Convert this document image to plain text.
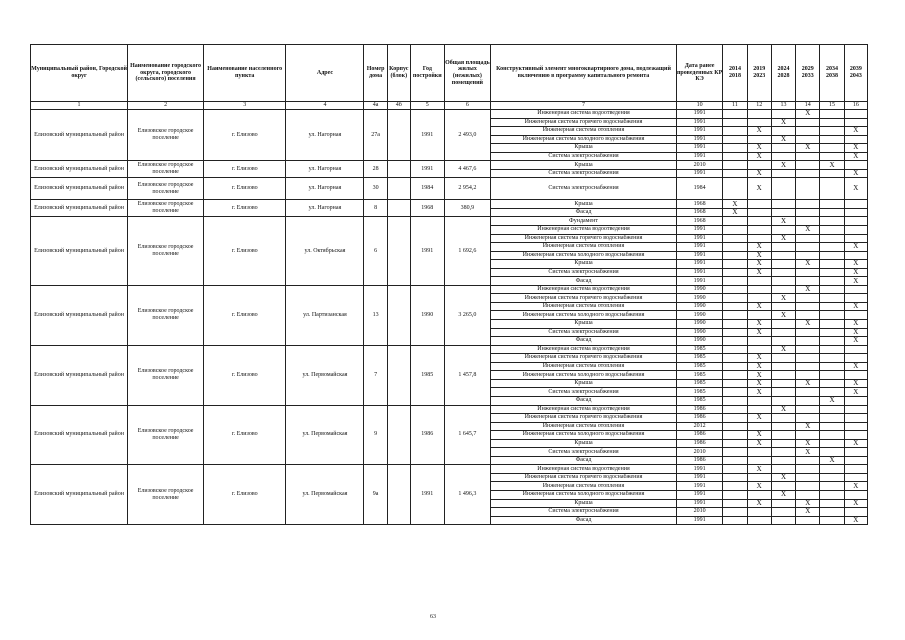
Муниципальный район, Городской округ	Наименование городского округа, городского (сельского) поселения	Наименование населенного пункта	Адрес	Номер дома	Корпус (блок)	Год постройки	Общая площадь жилых (нежилых) помещений	Конструктивный элемент многоквартирного дома, подлежащий включению в программу капитального ремонта	Дата ранее проведенных КР КЭ	2014 2018	2019 2023	2024 2028	2029 2033	2034 2038	2039 2043
1	2	3	4	4а	4б	5	6	7	10	11	12	13	14	15	16
Елизовский муниципальный район	Елизовское городское поселение	г. Елизово	ул. Нагорная	27а		1991	2 493,0	Инженерная система водоотведения	1991				X		
								Инженерная система горячего водоснабжения	1991			X			
								Инженерная система отопления	1991		X				X
								Инженерная система холодного водоснабжения	1991			X			
								Крыша	1991		X		X		X
								Система электроснабжения	1991		X				X
Елизовский муниципальный район	Елизовское городское поселение	г. Елизово	ул. Нагорная	28		1991	4 467,6	Крыша	2010			X		X	
								Система электроснабжения	1991		X				X
Елизовский муниципальный район	Елизовское городское поселение	г. Елизово	ул. Нагорная	30		1984	2 954,2	Система электроснабжения	1984		X				X
Елизовский муниципальный район	Елизовское городское поселение	г. Елизово	ул. Нагорная	8		1968	380,9	Крыша	1968	X					
								Фасад	1968	X					
Елизовский муниципальный район	Елизовское городское поселение	г. Елизово	ул. Октябрьская	6		1991	1 692,6	Фундамент	1968			X			
								Инженерная система водоотведения	1991				X		
								Инженерная система горячего водоснабжения	1991			X			
								Инженерная система отопления	1991		X				X
								Инженерная система холодного водоснабжения	1991		X				
								Крыша	1991		X		X		X
								Система электроснабжения	1991		X				X
								Фасад	1991						X
Елизовский муниципальный район	Елизовское городское поселение	г. Елизово	ул. Партизанская	13		1990	3 265,0	Инженерная система водоотведения	1990				X		
								Инженерная система горячего водоснабжения	1990			X			
								Инженерная система отопления	1990		X				X
								Инженерная система холодного водоснабжения	1990			X			
								Крыша	1990		X		X		X
								Система электроснабжения	1990		X				X
								Фасад	1990						X
Елизовский муниципальный район	Елизовское городское поселение	г. Елизово	ул. Первомайская	7		1985	1 457,8	Инженерная система водоотведения	1985			X			
								Инженерная система горячего водоснабжения	1985		X				
								Инженерная система отопления	1985		X				X
								Инженерная система холодного водоснабжения	1985		X				
								Крыша	1985		X		X		X
								Система электроснабжения	1985		X				X
								Фасад	1985					X	
Елизовский муниципальный район	Елизовское городское поселение	г. Елизово	ул. Первомайская	9		1986	1 645,7	Инженерная система водоотведения	1986			X			
								Инженерная система горячего водоснабжения	1986		X				
								Инженерная система отопления	2012				X		
								Инженерная система холодного водоснабжения	1986		X				
								Крыша	1986		X		X		X
								Система электроснабжения	2010				X		
								Фасад	1986					X	
Елизовский муниципальный район	Елизовское городское поселение	г. Елизово	ул. Первомайская	9а		1991	1 496,3	Инженерная система водоотведения	1991		X				
								Инженерная система горячего водоснабжения	1991			X			
								Инженерная система отопления	1991		X				X
								Инженерная система холодного водоснабжения	1991			X			
								Крыша	1991		X		X		X
								Система электроснабжения	2010				X		
								Фасад	1991						X
63
